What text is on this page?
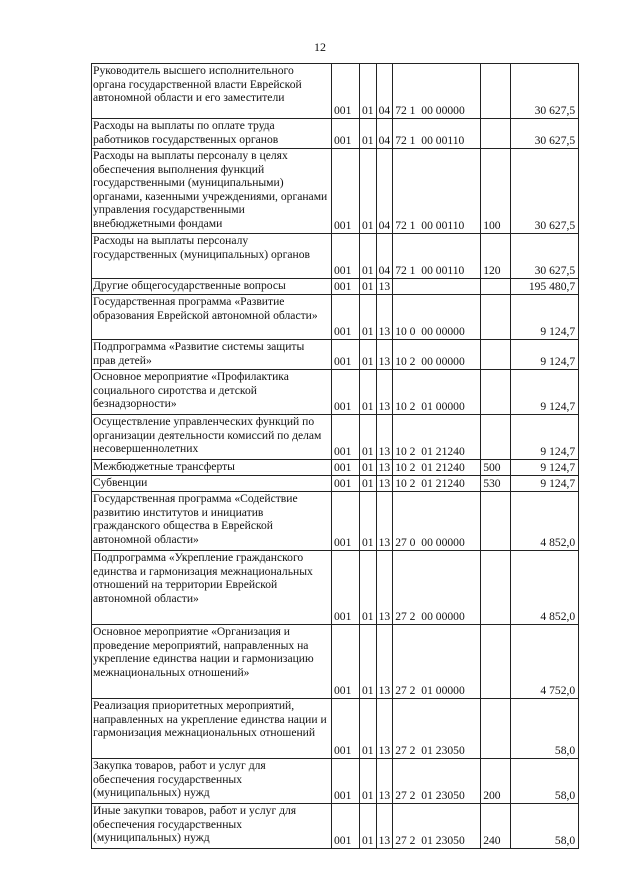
12
Руководитель высшего исполнительного органа государственной власти Еврейской автономной области и его заместители	001	01	04	72 1  00 00000		30 627,5
Расходы на выплаты по оплате труда работников государственных органов	001	01	04	72 1  00 00110		30 627,5
Расходы на выплаты персоналу в целях обеспечения выполнения функций государственными (муниципальными) органами, казенными учреждениями, органами управления государственными внебюджетными фондами	001	01	04	72 1  00 00110	100	30 627,5
Расходы на выплаты персоналу государственных (муниципальных) органов	001	01	04	72 1  00 00110	120	30 627,5
Другие общегосударственные вопросы	001	01	13			195 480,7
Государственная программа «Развитие образования Еврейской автономной области»	001	01	13	10 0  00 00000		9 124,7
Подпрограмма «Развитие системы защиты прав детей»	001	01	13	10 2  00 00000		9 124,7
Основное мероприятие «Профилактика социального сиротства и детской безнадзорности»	001	01	13	10 2  01 00000		9 124,7
Осуществление управленческих функций по организации деятельности комиссий по делам несовершеннолетних	001	01	13	10 2  01 21240		9 124,7
Межбюджетные трансферты	001	01	13	10 2  01 21240	500	9 124,7
Субвенции	001	01	13	10 2  01 21240	530	9 124,7
Государственная программа «Содействие развитию институтов и инициатив гражданского общества в Еврейской автономной области»	001	01	13	27 0  00 00000		4 852,0
Подпрограмма «Укрепление гражданского единства и гармонизация межнациональных отношений на территории Еврейской автономной области»	001	01	13	27 2  00 00000		4 852,0
Основное мероприятие «Организация и проведение мероприятий, направленных на укрепление единства нации и гармонизацию межнациональных отношений»	001	01	13	27 2  01 00000		4 752,0
Реализация приоритетных мероприятий, направленных на укрепление единства нации и гармонизация межнациональных отношений	001	01	13	27 2  01 23050		58,0
Закупка товаров, работ и услуг для обеспечения государственных (муниципальных) нужд	001	01	13	27 2  01 23050	200	58,0
Иные закупки товаров, работ и услуг для обеспечения государственных (муниципальных) нужд	001	01	13	27 2  01 23050	240	58,0
